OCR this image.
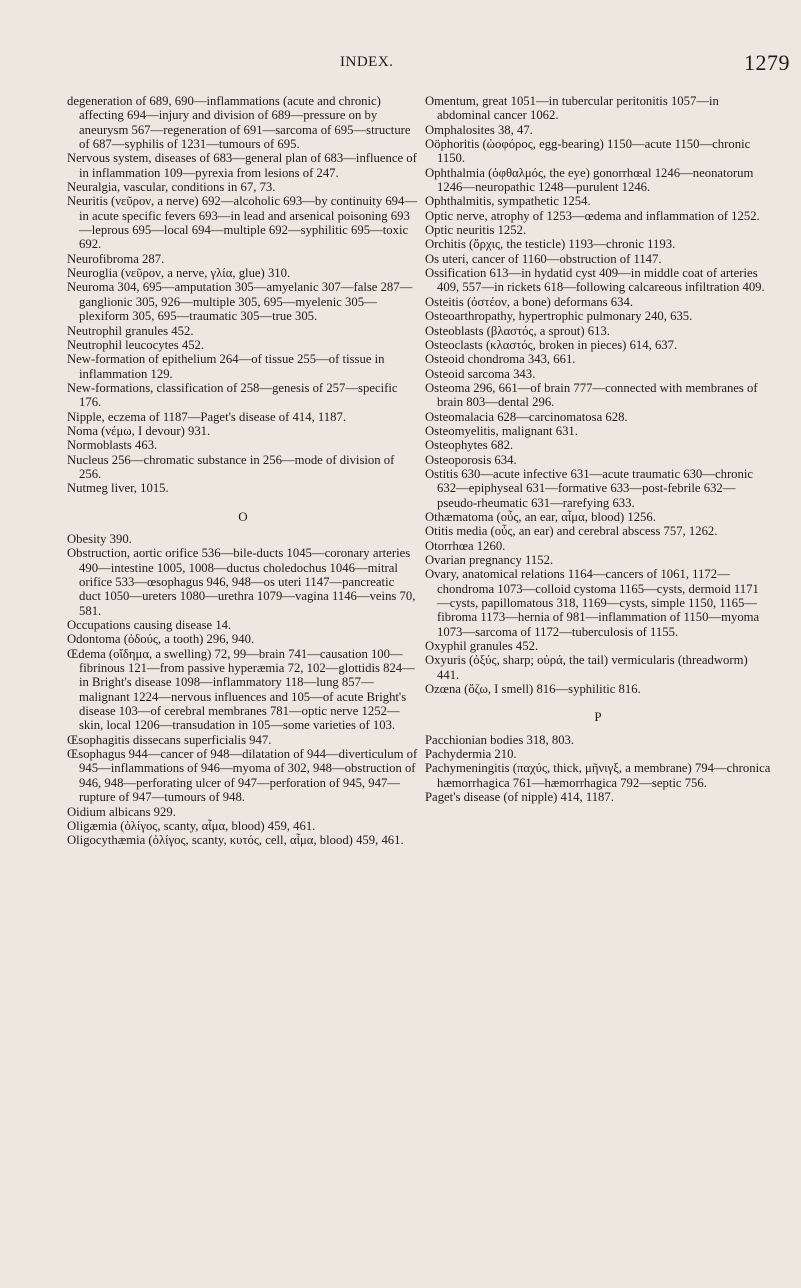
INDEX.	1279

degeneration of 689, 690—inflammations (acute and chronic) affecting 694—injury and division of 689—pressure on by aneurysm 567—regeneration of 691—sarcoma of 695—structure of 687—syphilis of 1231—tumours of 695.

Nervous system, diseases of 683—general plan of 683—influence of in inflammation 109—pyrexia from lesions of 247.

Neuralgia, vascular, conditions in 67, 73.

Neuritis (νεῦρον, a nerve) 692—alcoholic 693—by continuity 694—in acute specific fevers 693—in lead and arsenical poisoning 693—leprous 695—local 694—multiple 692—syphilitic 695—toxic 692.

Neurofibroma 287.

Neuroglia (νεῦρον, a nerve, γλία, glue) 310.

Neuroma 304, 695—amputation 305—amyelanic 307—false 287—ganglionic 305, 926—multiple 305, 695—myelenic 305—plexiform 305, 695—traumatic 305—true 305.

Neutrophil granules 452.

Neutrophil leucocytes 452.

New-formation of epithelium 264—of tissue 255—of tissue in inflammation 129.

New-formations, classification of 258—genesis of 257—specific 176.

Nipple, eczema of 1187—Paget's disease of 414, 1187.

Noma (νέμω, I devour) 931.

Normoblasts 463.

Nucleus 256—chromatic substance in 256—mode of division of 256.

Nutmeg liver, 1015.

O

Obesity 390.

Obstruction, aortic orifice 536—bile-ducts 1045—coronary arteries 490—intestine 1005, 1008—ductus choledochus 1046—mitral orifice 533—œsophagus 946, 948—os uteri 1147—pancreatic duct 1050—ureters 1080—urethra 1079—vagina 1146—veins 70, 581.

Occupations causing disease 14.

Odontoma (ὀδούς, a tooth) 296, 940.

Œdema (οἴδημα, a swelling) 72, 99—brain 741—causation 100—fibrinous 121—from passive hyperæmia 72, 102—glottidis 824—in Bright's disease 1098—inflammatory 118—lung 857—malignant 1224—nervous influences and 105—of acute Bright's disease 103—of cerebral membranes 781—optic nerve 1252—skin, local 1206—transudation in 105—some varieties of 103.

Œsophagitis dissecans superficialis 947.

Œsophagus 944—cancer of 948—dilatation of 944—diverticulum of 945—inflammations of 946—myoma of 302, 948—obstruction of 946, 948—perforating ulcer of 947—perforation of 945, 947—rupture of 947—tumours of 948.

Oidium albicans 929.

Oligæmia (ὀλίγος, scanty, αἷμα, blood) 459, 461.

Oligocythæmia (ὀλίγος, scanty, κυτός, cell, αἷμα, blood) 459, 461.

Omentum, great 1051—in tubercular peritonitis 1057—in abdominal cancer 1062.

Omphalosites 38, 47.

Oöphoritis (ὠοφόρος, egg-bearing) 1150—acute 1150—chronic 1150.

Ophthalmia (ὀφθαλμός, the eye) gonorrhœal 1246—neonatorum 1246—neuropathic 1248—purulent 1246.

Ophthalmitis, sympathetic 1254.

Optic nerve, atrophy of 1253—œdema and inflammation of 1252.

Optic neuritis 1252.

Orchitis (ὄρχις, the testicle) 1193—chronic 1193.

Os uteri, cancer of 1160—obstruction of 1147.

Ossification 613—in hydatid cyst 409—in middle coat of arteries 409, 557—in rickets 618—following calcareous infiltration 409.

Osteitis (ὀστέον, a bone) deformans 634.

Osteoarthropathy, hypertrophic pulmonary 240, 635.

Osteoblasts (βλαστός, a sprout) 613.

Osteoclasts (κλαστός, broken in pieces) 614, 637.

Osteoid chondroma 343, 661.

Osteoid sarcoma 343.

Osteoma 296, 661—of brain 777—connected with membranes of brain 803—dental 296.

Osteomalacia 628—carcinomatosa 628.

Osteomyelitis, malignant 631.

Osteophytes 682.

Osteoporosis 634.

Ostitis 630—acute infective 631—acute traumatic 630—chronic 632—epiphyseal 631—formative 633—post-febrile 632—pseudo-rheumatic 631—rarefying 633.

Othæmatoma (οὖς, an ear, αἷμα, blood) 1256.

Otitis media (οὖς, an ear) and cerebral abscess 757, 1262.

Otorrhœa 1260.

Ovarian pregnancy 1152.

Ovary, anatomical relations 1164—cancers of 1061, 1172—chondroma 1073—colloid cystoma 1165—cysts, dermoid 1171—cysts, papillomatous 318, 1169—cysts, simple 1150, 1165—fibroma 1173—hernia of 981—inflammation of 1150—myoma 1073—sarcoma of 1172—tuberculosis of 1155.

Oxyphil granules 452.

Oxyuris (ὀξύς, sharp; οὐρά, the tail) vermicularis (threadworm) 441.

Ozœna (ὄζω, I smell) 816—syphilitic 816.

P

Pacchionian bodies 318, 803.

Pachydermia 210.

Pachymeningitis (παχύς, thick, μῆνιγξ, a membrane) 794—chronica hæmorrhagica 761—hæmorrhagica 792—septic 756.

Paget's disease (of nipple) 414, 1187.
